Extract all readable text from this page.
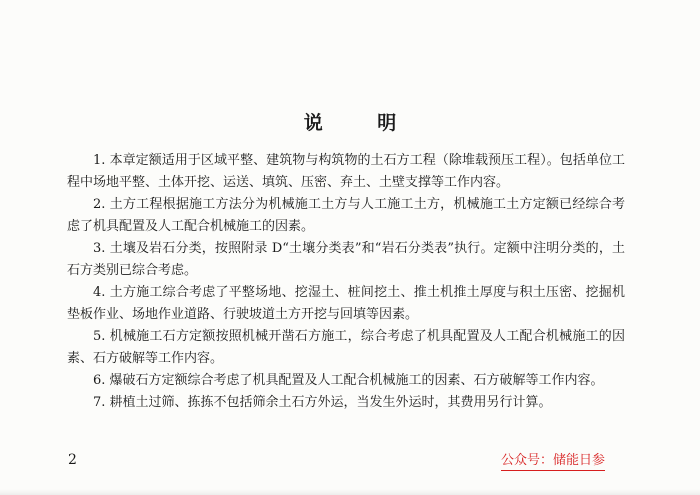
说 明

1. 本章定额适用于区域平整、建筑物与构筑物的土石方工程（除堆载预压工程）。包括单位工程中场地平整、土体开挖、运送、填筑、压密、弃土、土壁支撑等工作内容。

2. 土方工程根据施工方法分为机械施工土方与人工施工土方，机械施工土方定额已经综合考虑了机具配置及人工配合机械施工的因素。

3. 土壤及岩石分类，按照附录 D“土壤分类表”和“岩石分类表”执行。定额中注明分类的，土石方类别已综合考虑。

4. 土方施工综合考虑了平整场地、挖湿土、桩间挖土、推土机推土厚度与积土压密、挖掘机垫板作业、场地作业道路、行驶坡道土方开挖与回填等因素。

5. 机械施工石方定额按照机械开凿石方施工，综合考虑了机具配置及人工配合机械施工的因素、石方破解等工作内容。

6. 爆破石方定额综合考虑了机具配置及人工配合机械施工的因素、石方破解等工作内容。

7. 耕植土过筛、拣拣不包括筛余土石方外运，当发生外运时，其费用另行计算。

2	公众号：储能日参
